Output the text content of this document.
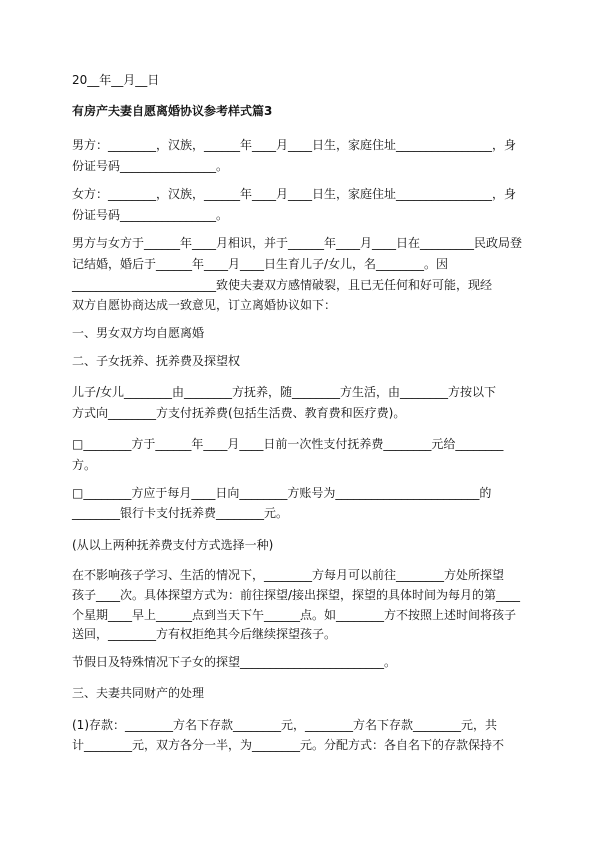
20__年__月__日

有房产夫妻自愿离婚协议参考样式篇3

男方：________，汉族，______年____月____日生，家庭住址________________，身

份证号码________________。

女方：________，汉族，______年____月____日生，家庭住址________________，身

份证号码________________。

男方与女方于______年____月相识，并于______年____月____日在_________民政局登

记结婚，婚后于______年____月____日生育儿子/女儿，名________。因

________________________致使夫妻双方感情破裂，且已无任何和好可能，现经

双方自愿协商达成一致意见，订立离婚协议如下：

一、男女双方均自愿离婚

二、子女抚养、抚养费及探望权

儿子/女儿________由________方抚养，随________方生活，由________方按以下

方式向________方支付抚养费(包括生活费、教育费和医疗费)。

□________方于______年____月____日前一次性支付抚养费________元给________

方。

□________方应于每月____日向________方账号为________________________的

________银行卡支付抚养费________元。

(从以上两种抚养费支付方式选择一种)

在不影响孩子学习、生活的情况下，________方每月可以前往________方处所探望

孩子____次。具体探望方式为：前往探望/接出探望，探望的具体时间为每月的第____

个星期____早上______点到当天下午______点。如________方不按照上述时间将孩子

送回，________方有权拒绝其今后继续探望孩子。

节假日及特殊情况下子女的探望________________________。

三、夫妻共同财产的处理

(1)存款：________方名下存款________元，________方名下存款________元，共

计________元，双方各分一半，为________元。分配方式：各自名下的存款保持不
